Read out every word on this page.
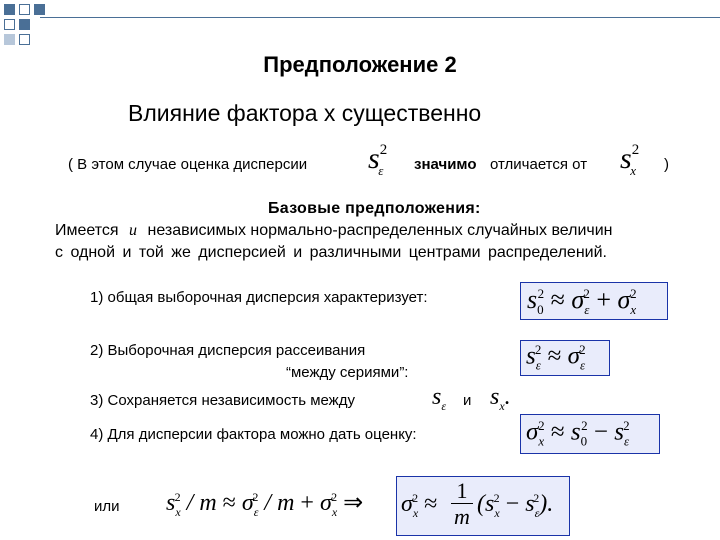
Предположение 2
Влияние фактора х существенно
( В этом случае оценка дисперсии $s^2_\varepsilon$ значимо отличается от $s^2_x$ )
Базовые предположения:
Имеется и независимых нормально-распределенных случайных величин
с одной и той же дисперсией и различными центрами распределений.
1) общая выборочная дисперсия характеризует:	$s_0^2 \approx \sigma_\varepsilon^2 + \sigma_x^2$
2) Выборочная дисперсия рассеивания
“между сериями”:
$s_\varepsilon^2 \approx \sigma_\varepsilon^2$
3) Сохраняется независимость между	$s_\varepsilon$ и $s_x$.
4) Для дисперсии фактора можно дать оценку:	$\sigma_x^2 \approx s_0^2 - s_\varepsilon^2$
или $s_x^2 / m \approx \sigma_\varepsilon^2 / m + \sigma_x^2$ ⇒ $\sigma_x^2$ ≈
1
m $(s_x^2 - s_\varepsilon^2)$.
